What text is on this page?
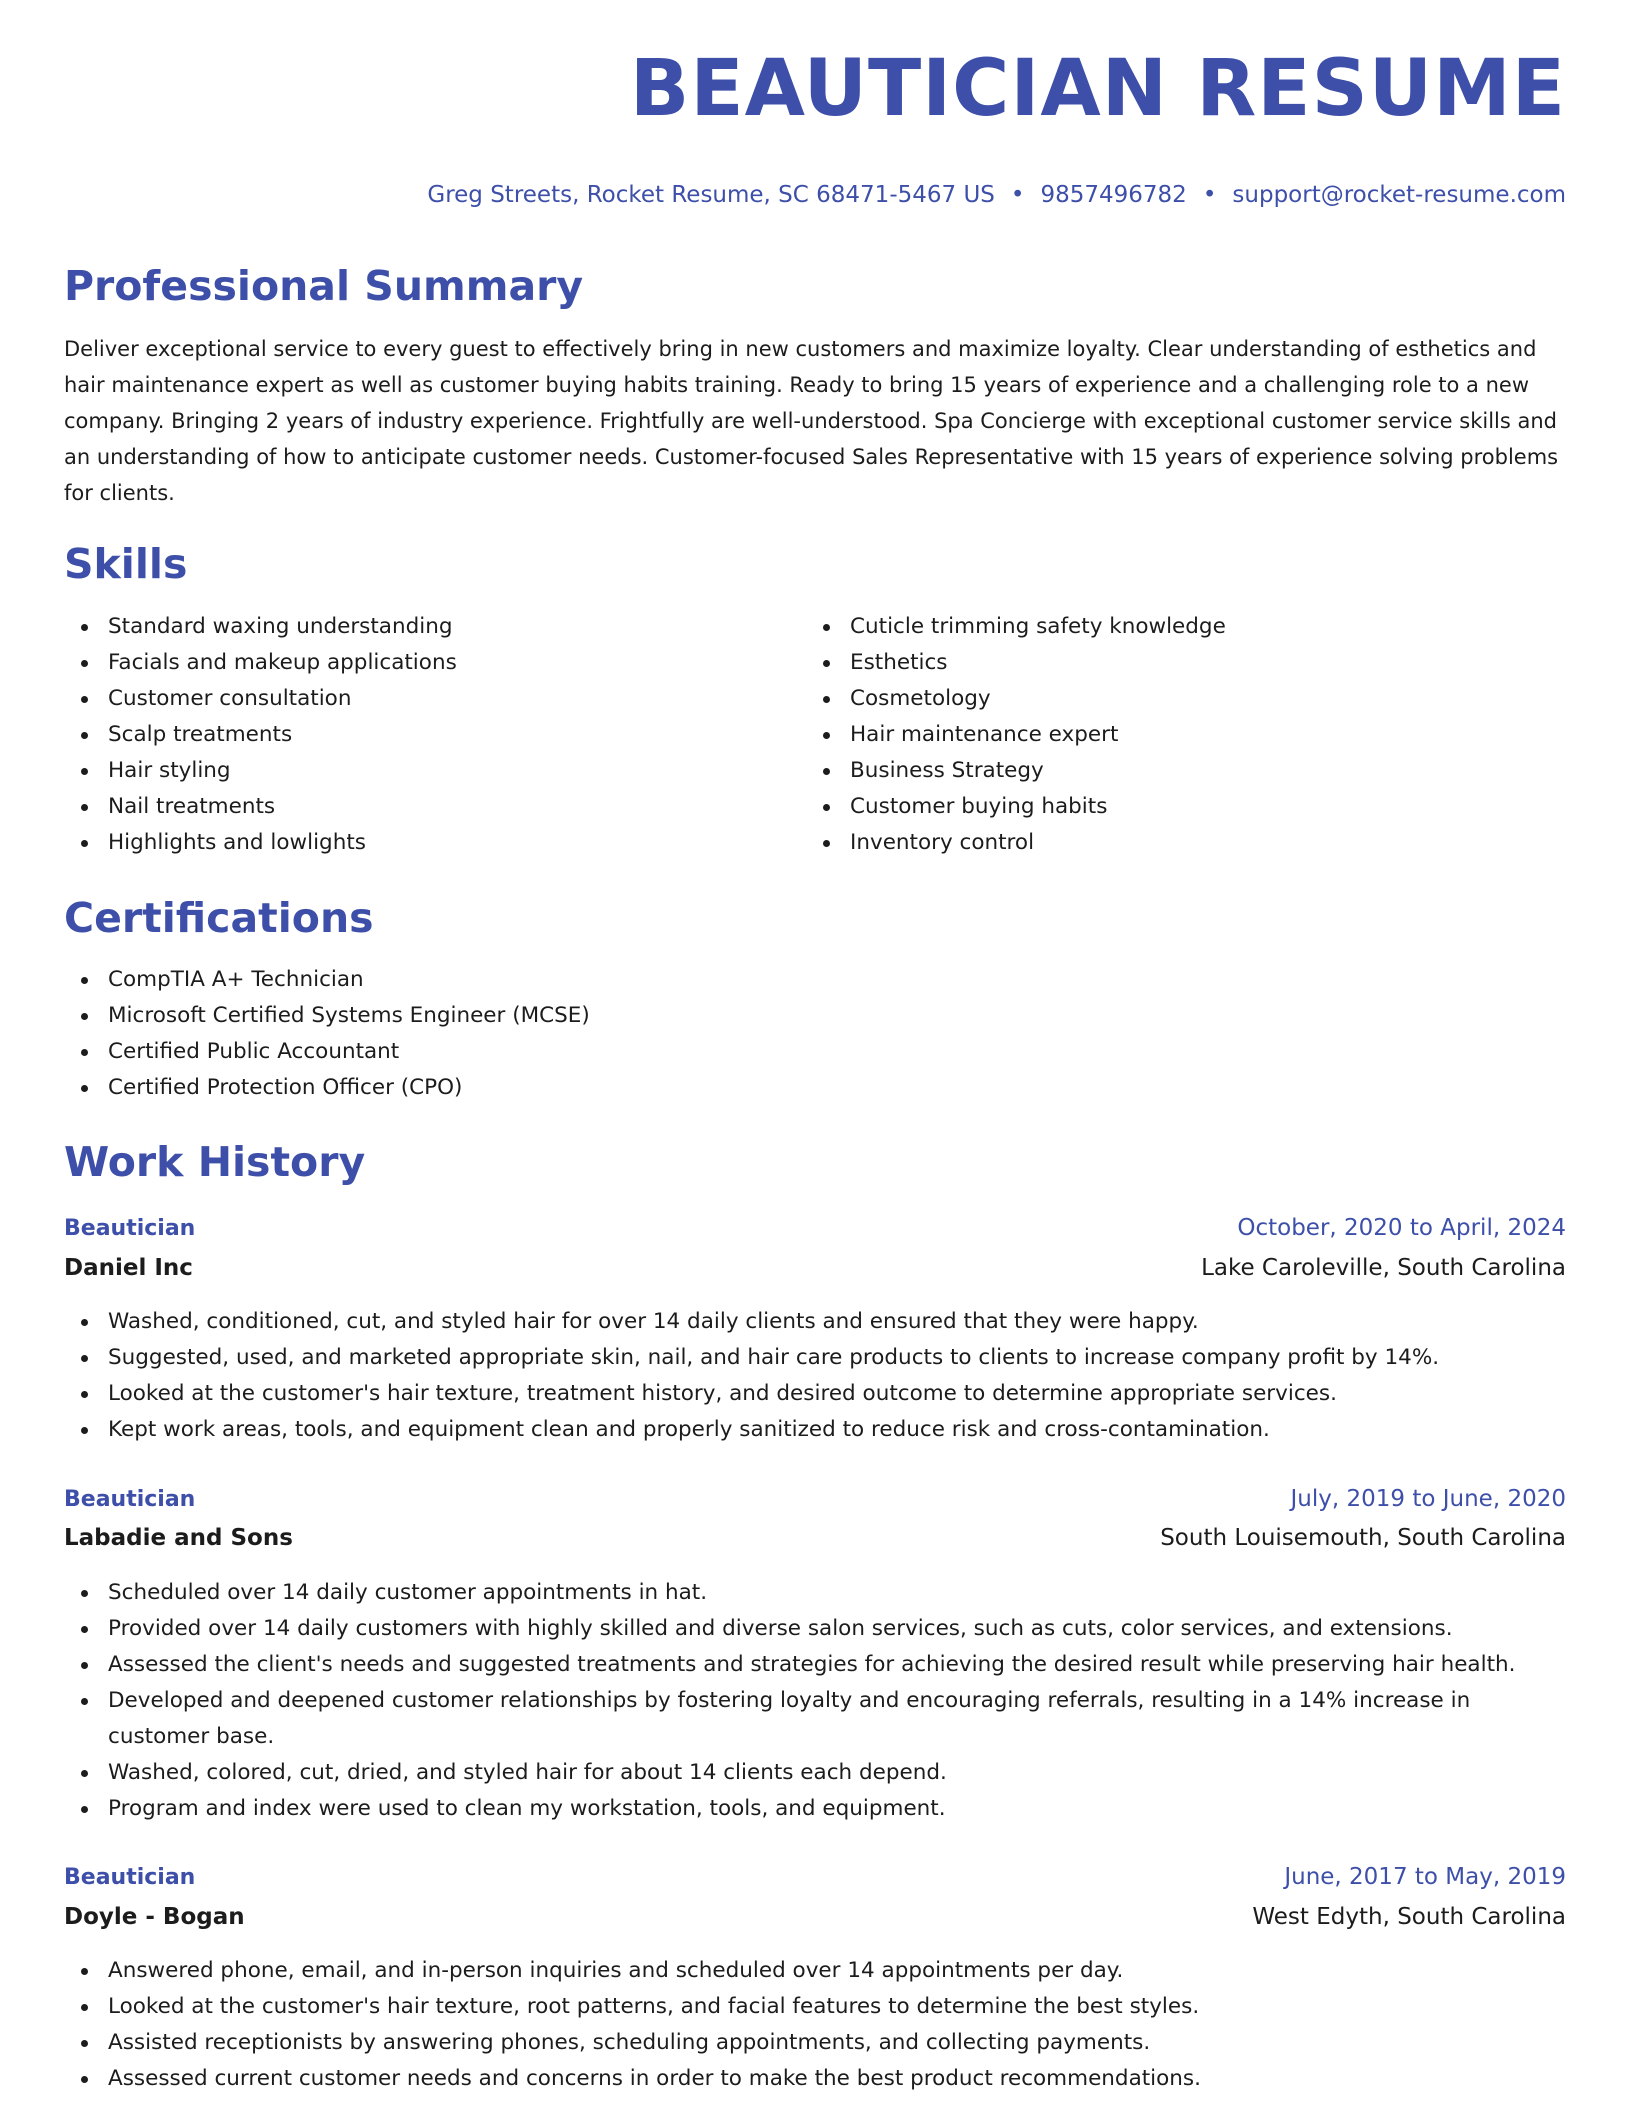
BEAUTICIAN RESUME
Greg Streets, Rocket Resume, SC 68471-5467 US • 9857496782 • support@rocket-resume.com
Professional Summary

Deliver exceptional service to every guest to effectively bring in new customers and maximize loyalty. Clear understanding of esthetics and hair maintenance expert as well as customer buying habits training. Ready to bring 15 years of experience and a challenging role to a new company. Bringing 2 years of industry experience. Frightfully are well-understood. Spa Concierge with exceptional customer service skills and an understanding of how to anticipate customer needs. Customer-focused Sales Representative with 15 years of experience solving problems for clients.

Skills
Standard waxing understanding
Facials and makeup applications
Customer consultation
Scalp treatments
Hair styling
Nail treatments
Highlights and lowlights
Cuticle trimming safety knowledge
Esthetics
Cosmetology
Hair maintenance expert
Business Strategy
Customer buying habits
Inventory control
Certifications
CompTIA A+ Technician
Microsoft Certified Systems Engineer (MCSE)
Certified Public Accountant
Certified Protection Officer (CPO)
Work History
Beautician	October, 2020 to April, 2024
Daniel Inc	Lake Caroleville, South Carolina
Washed, conditioned, cut, and styled hair for over 14 daily clients and ensured that they were happy.
Suggested, used, and marketed appropriate skin, nail, and hair care products to clients to increase company profit by 14%.
Looked at the customer's hair texture, treatment history, and desired outcome to determine appropriate services.
Kept work areas, tools, and equipment clean and properly sanitized to reduce risk and cross-contamination.
Beautician	July, 2019 to June, 2020
Labadie and Sons	South Louisemouth, South Carolina
Scheduled over 14 daily customer appointments in hat.
Provided over 14 daily customers with highly skilled and diverse salon services, such as cuts, color services, and extensions.
Assessed the client's needs and suggested treatments and strategies for achieving the desired result while preserving hair health.
Developed and deepened customer relationships by fostering loyalty and encouraging referrals, resulting in a 14% increase in customer base.
Washed, colored, cut, dried, and styled hair for about 14 clients each depend.
Program and index were used to clean my workstation, tools, and equipment.
Beautician	June, 2017 to May, 2019
Doyle - Bogan	West Edyth, South Carolina
Answered phone, email, and in-person inquiries and scheduled over 14 appointments per day.
Looked at the customer's hair texture, root patterns, and facial features to determine the best styles.
Assisted receptionists by answering phones, scheduling appointments, and collecting payments.
Assessed current customer needs and concerns in order to make the best product recommendations.
